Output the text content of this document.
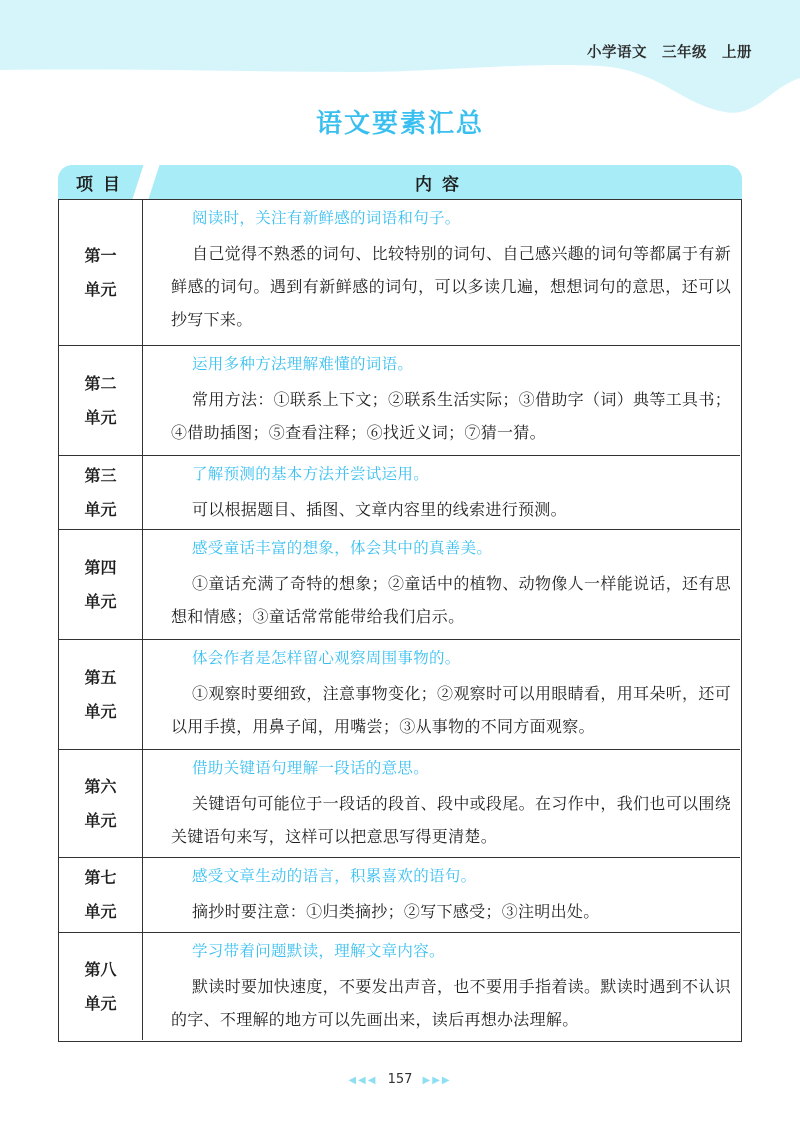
小学语文　三年级　上册
语文要素汇总
项目	内容
第一
单元
阅读时，关注有新鲜感的词语和句子。
自己觉得不熟悉的词句、比较特别的词句、自己感兴趣的词句等都属于有新鲜感的词句。遇到有新鲜感的词句，可以多读几遍，想想词句的意思，还可以抄写下来。
第二
单元
运用多种方法理解难懂的词语。
常用方法：①联系上下文；②联系生活实际；③借助字（词）典等工具书；④借助插图；⑤查看注释；⑥找近义词；⑦猜一猜。
第三
单元
了解预测的基本方法并尝试运用。
可以根据题目、插图、文章内容里的线索进行预测。
第四
单元
感受童话丰富的想象，体会其中的真善美。
①童话充满了奇特的想象；②童话中的植物、动物像人一样能说话，还有思想和情感；③童话常常能带给我们启示。
第五
单元
体会作者是怎样留心观察周围事物的。
①观察时要细致，注意事物变化；②观察时可以用眼睛看，用耳朵听，还可以用手摸，用鼻子闻，用嘴尝；③从事物的不同方面观察。
第六
单元
借助关键语句理解一段话的意思。
关键语句可能位于一段话的段首、段中或段尾。在习作中，我们也可以围绕关键语句来写，这样可以把意思写得更清楚。
第七
单元
感受文章生动的语言，积累喜欢的语句。
摘抄时要注意：①归类摘抄；②写下感受；③注明出处。
第八
单元
学习带着问题默读，理解文章内容。
默读时要加快速度，不要发出声音，也不要用手指着读。默读时遇到不认识的字、不理解的地方可以先画出来，读后再想办法理解。
◀◀◀ 157 ▶▶▶
